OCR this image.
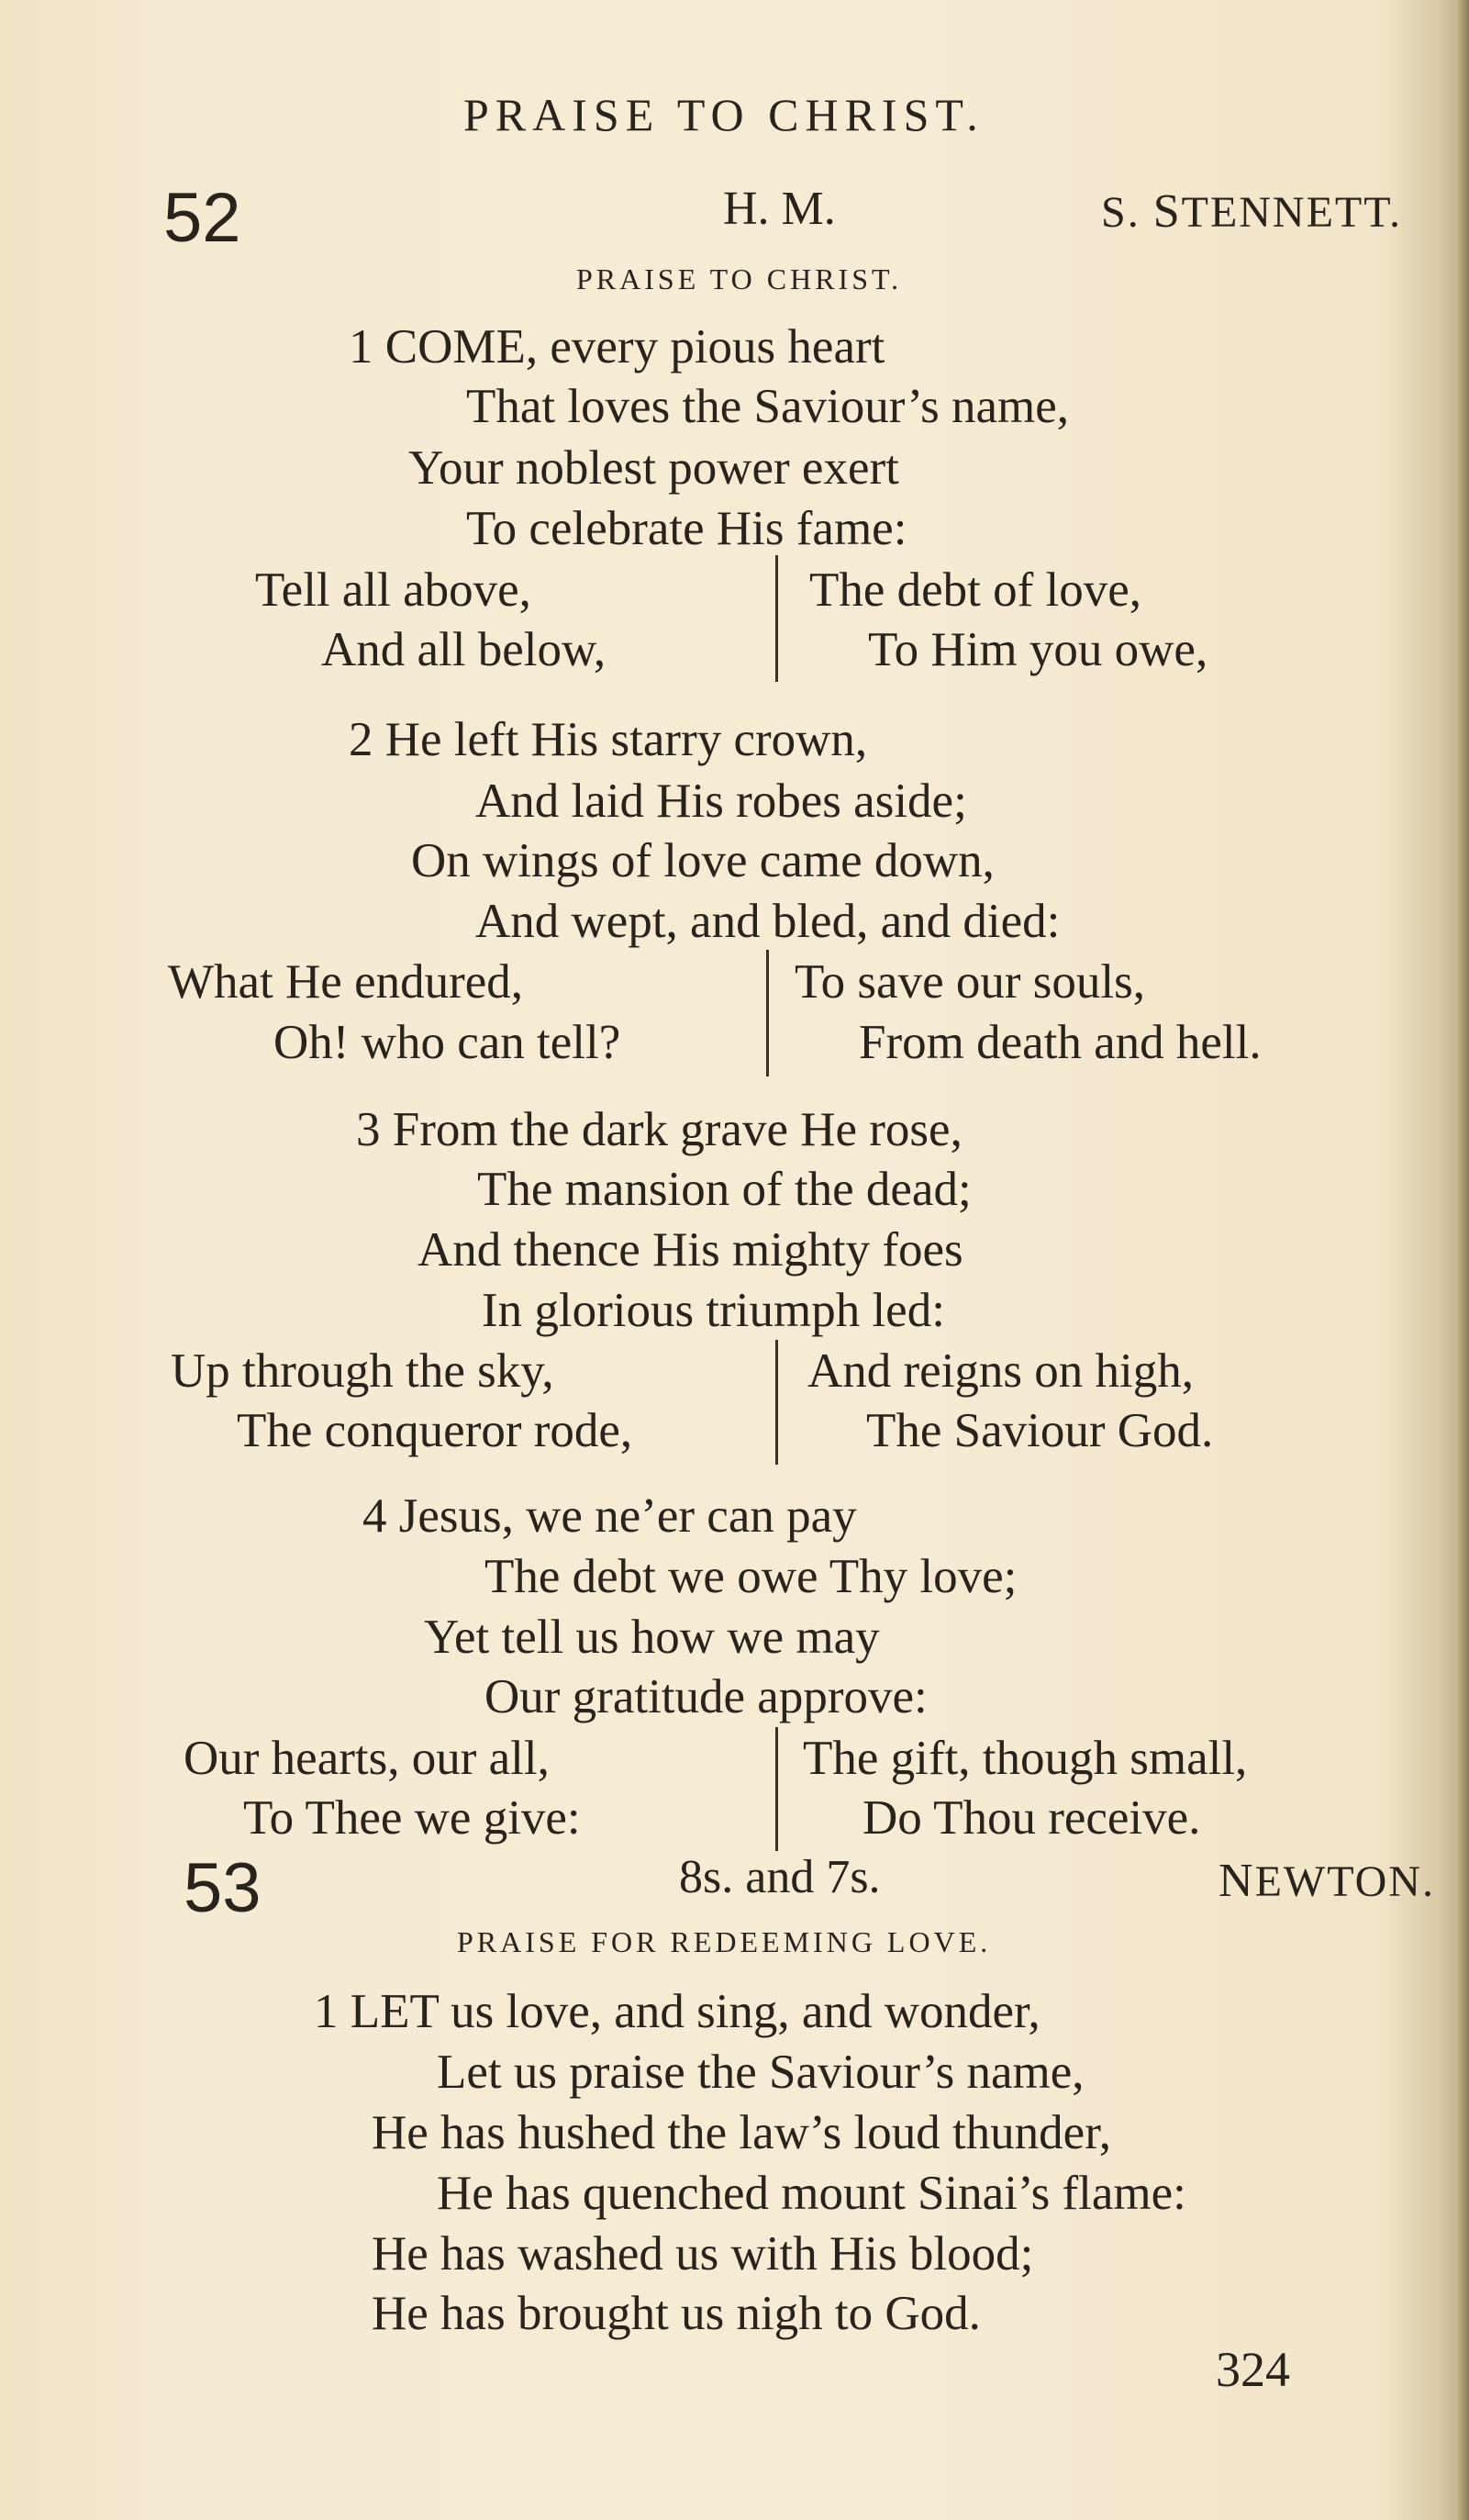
PRAISE TO CHRIST.
52	H. M.	S. STENNETT.
PRAISE TO CHRIST.
1 COME, every pious heart
That loves the Saviour’s name,
Your noblest power exert
To celebrate His fame:
Tell all above,
And all below,
The debt of love,
To Him you owe,
2 He left His starry crown,
And laid His robes aside;
On wings of love came down,
And wept, and bled, and died:
What He endured,
Oh! who can tell?
To save our souls,
From death and hell.
3 From the dark grave He rose,
The mansion of the dead;
And thence His mighty foes
In glorious triumph led:
Up through the sky,
The conqueror rode,
And reigns on high,
The Saviour God.
4 Jesus, we ne’er can pay
The debt we owe Thy love;
Yet tell us how we may
Our gratitude approve:
Our hearts, our all,
To Thee we give:
The gift, though small,
Do Thou receive.
53	8s. and 7s.	NEWTON.
PRAISE FOR REDEEMING LOVE.
1 LET us love, and sing, and wonder,
Let us praise the Saviour’s name,
He has hushed the law’s loud thunder,
He has quenched mount Sinai’s flame:
He has washed us with His blood;
He has brought us nigh to God.
324
